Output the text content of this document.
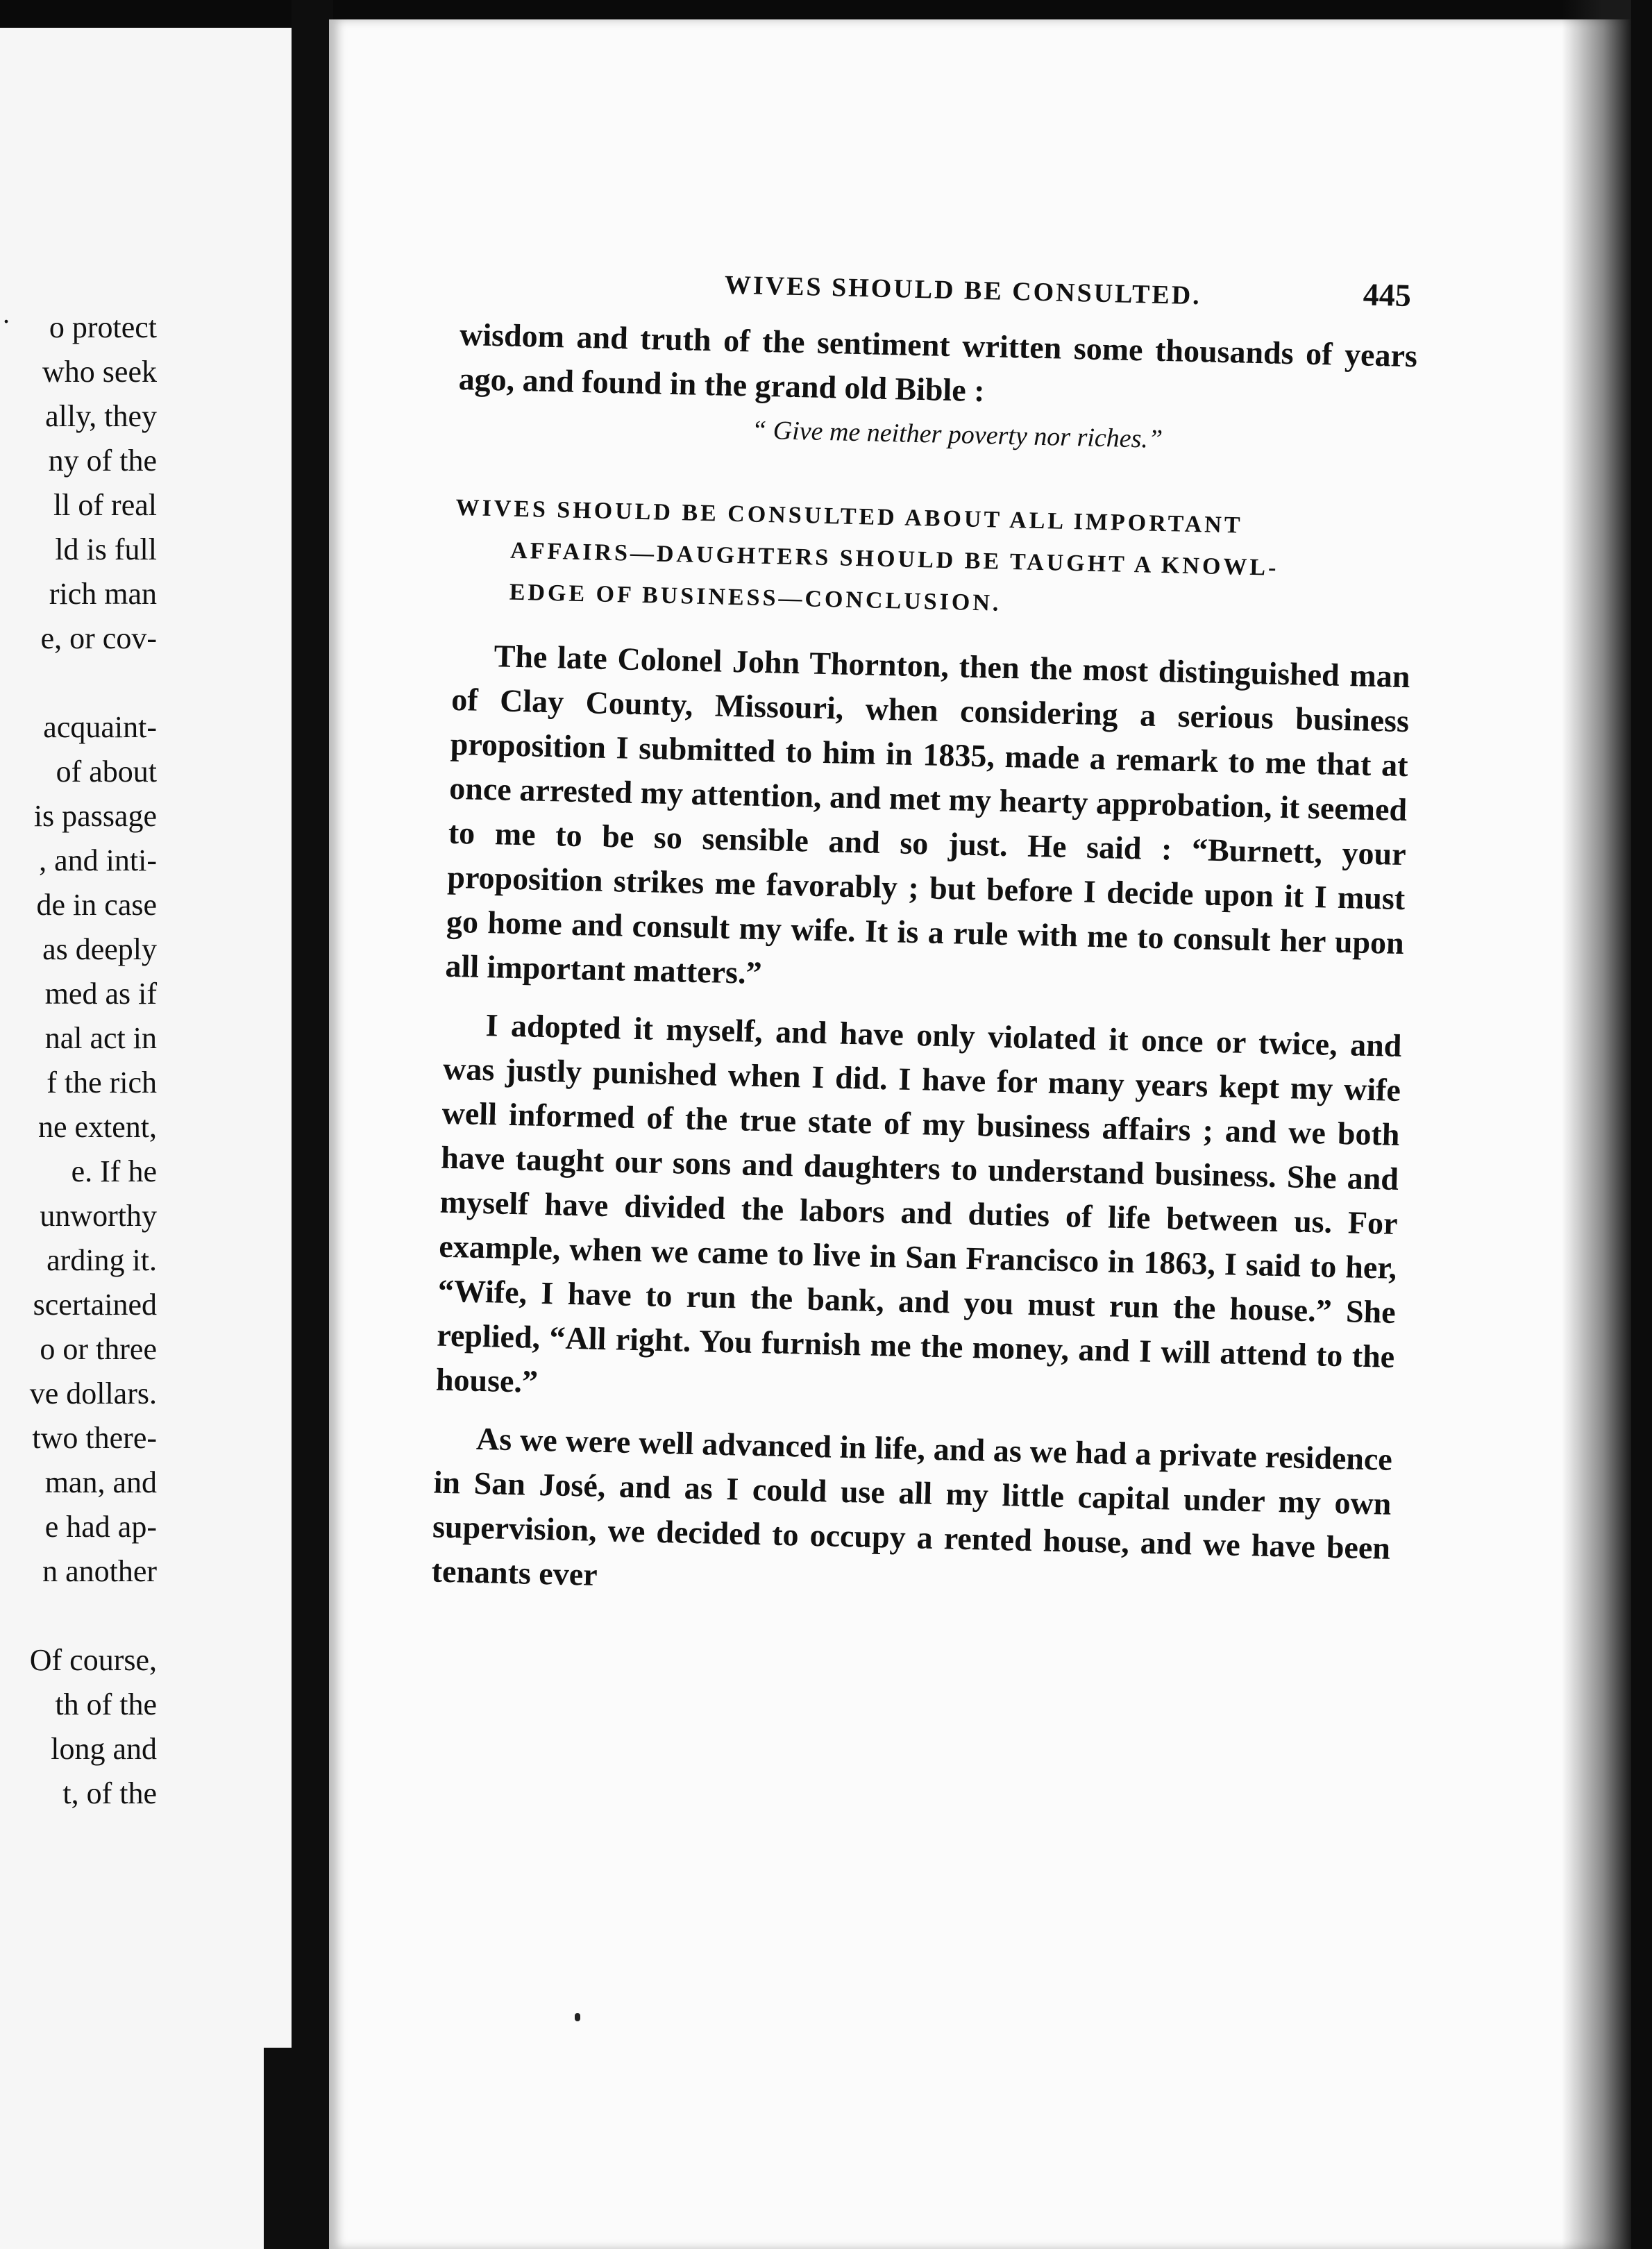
. o protect
who seek
ally, they
ny of the
ll of real
ld is full
rich man
e, or cov-
acquaint-
of about
is passage
, and inti-
de in case
as deeply
med as if
nal act in
f the rich
ne extent,
e. If he
unworthy
arding it.
scertained
o or three
ve dollars.
two there-
man, and
e had ap-
n another
Of course,
th of the
long and
t, of the
WIVES SHOULD BE CONSULTED.	445

wisdom and truth of the sentiment written some thousands of years ago, and found in the grand old Bible :

“ Give me neither poverty nor riches.”
WIVES SHOULD BE CONSULTED ABOUT ALL IMPORTANT
AFFAIRS—DAUGHTERS SHOULD BE TAUGHT A KNOWL-
EDGE OF BUSINESS—CONCLUSION.

The late Colonel John Thornton, then the most distinguished man of Clay County, Missouri, when considering a serious business proposition I submitted to him in 1835, made a remark to me that at once arrested my attention, and met my hearty approbation, it seemed to me to be so sensible and so just. He said : “Burnett, your proposition strikes me favorably ; but before I decide upon it I must go home and consult my wife. It is a rule with me to consult her upon all important matters.”

I adopted it myself, and have only violated it once or twice, and was justly punished when I did. I have for many years kept my wife well informed of the true state of my business affairs ; and we both have taught our sons and daughters to understand business. She and myself have divided the labors and duties of life between us. For example, when we came to live in San Francisco in 1863, I said to her, “Wife, I have to run the bank, and you must run the house.” She replied, “All right. You furnish me the money, and I will attend to the house.”

As we were well advanced in life, and as we had a private residence in San José, and as I could use all my little capital under my own supervision, we decided to occupy a rented house, and we have been tenants ever
